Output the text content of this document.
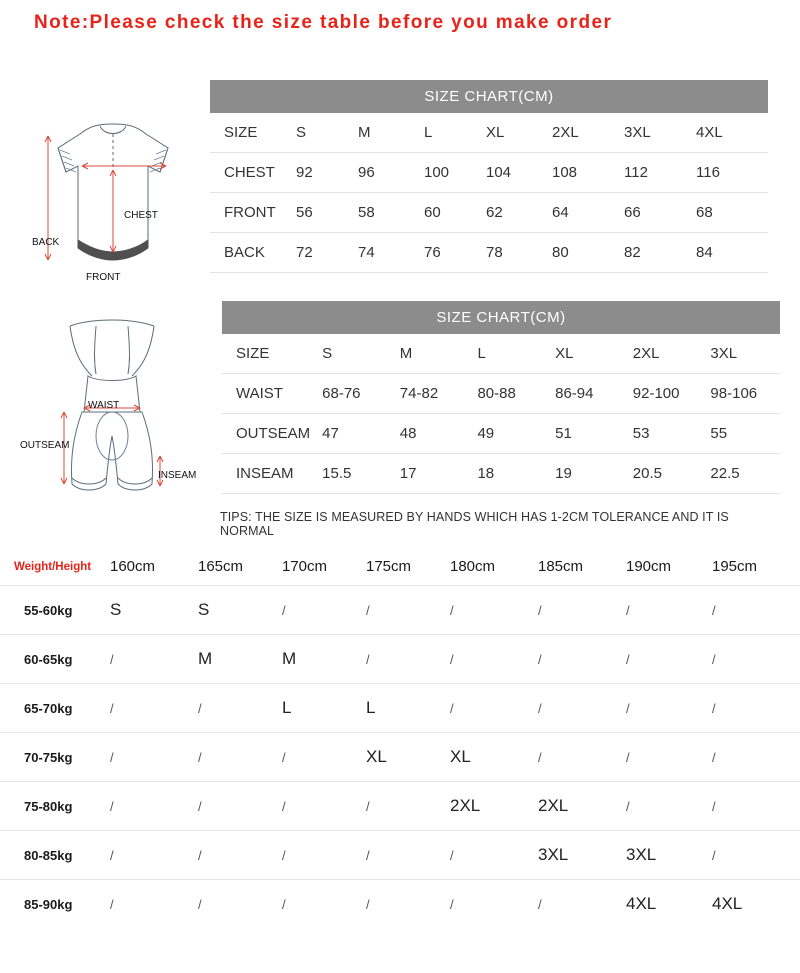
Note:Please check the size table before you make order
CHEST
BACK
FRONT
WAIST
OUTSEAM
INSEAM
SIZE CHART(CM)
SIZE	S	M	L	XL	2XL	3XL	4XL
CHEST	92	96	100	104	108	112	116
FRONT	56	58	60	62	64	66	68
BACK	72	74	76	78	80	82	84
SIZE CHART(CM)
SIZE	S	M	L	XL	2XL	3XL
WAIST	68-76	74-82	80-88	86-94	92-100	98-106
OUTSEAM	47	48	49	51	53	55
INSEAM	15.5	17	18	19	20.5	22.5
TIPS: THE SIZE IS MEASURED BY HANDS WHICH HAS 1-2CM TOLERANCE AND IT IS NORMAL
Weight/Height	160cm	165cm	170cm	175cm	180cm	185cm	190cm	195cm
55-60kg	S	S	/	/	/	/	/	/
60-65kg	/	M	M	/	/	/	/	/
65-70kg	/	/	L	L	/	/	/	/
70-75kg	/	/	/	XL	XL	/	/	/
75-80kg	/	/	/	/	2XL	2XL	/	/
80-85kg	/	/	/	/	/	3XL	3XL	/
85-90kg	/	/	/	/	/	/	4XL	4XL
